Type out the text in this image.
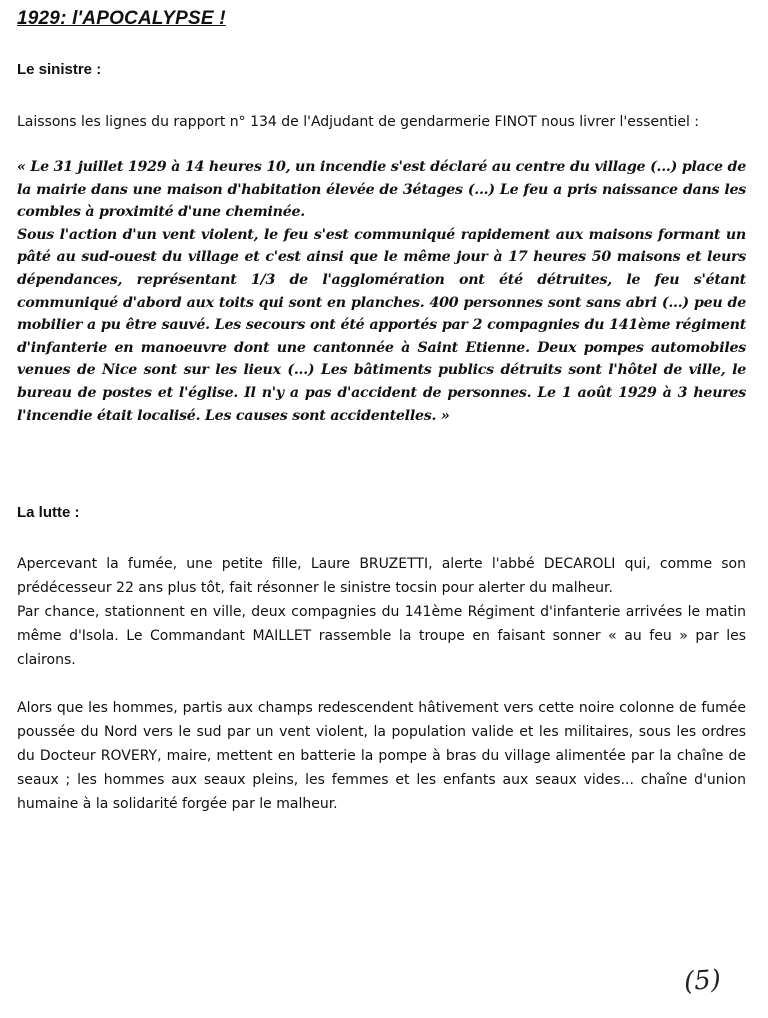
1929: l'APOCALYPSE !
Le sinistre :

Laissons les lignes du rapport n° 134 de l'Adjudant de gendarmerie FINOT nous livrer l'essentiel :

« Le 31 juillet 1929 à 14 heures 10, un incendie s'est déclaré au centre du village (...) place de la mairie dans une maison d'habitation élevée de 3étages (...) Le feu a pris naissance dans les combles à proximité d'une cheminée.

Sous l'action d'un vent violent, le feu s'est communiqué rapidement aux maisons formant un pâté au sud-ouest du village et c'est ainsi que le même jour à 17 heures 50 maisons et leurs dépendances, représentant 1/3 de l'agglomération ont été détruites, le feu s'étant communiqué d'abord aux toits qui sont en planches. 400 personnes sont sans abri (...) peu de mobilier a pu être sauvé. Les secours ont été apportés par 2 compagnies du 141ème régiment d'infanterie en manoeuvre dont une cantonnée à Saint Etienne. Deux pompes automobiles venues de Nice sont sur les lieux (...) Les bâtiments publics détruits sont l'hôtel de ville, le bureau de postes et l'église. Il n'y a pas d'accident de personnes. Le 1 août 1929 à 3 heures l'incendie était localisé. Les causes sont accidentelles. »

La lutte :

Apercevant la fumée, une petite fille, Laure BRUZETTI, alerte l'abbé DECAROLI qui, comme son prédécesseur 22 ans plus tôt, fait résonner le sinistre tocsin pour alerter du malheur.

Par chance, stationnent en ville, deux compagnies du 141ème Régiment d'infanterie arrivées le matin même d'Isola. Le Commandant MAILLET rassemble la troupe en faisant sonner « au feu » par les clairons.

Alors que les hommes, partis aux champs redescendent hâtivement vers cette noire colonne de fumée poussée du Nord vers le sud par un vent violent, la population valide et les militaires, sous les ordres du Docteur ROVERY, maire, mettent en batterie la pompe à bras du village alimentée par la chaîne de seaux ; les hommes aux seaux pleins, les femmes et les enfants aux seaux vides... chaîne d'union humaine à la solidarité forgée par le malheur.

(5)
